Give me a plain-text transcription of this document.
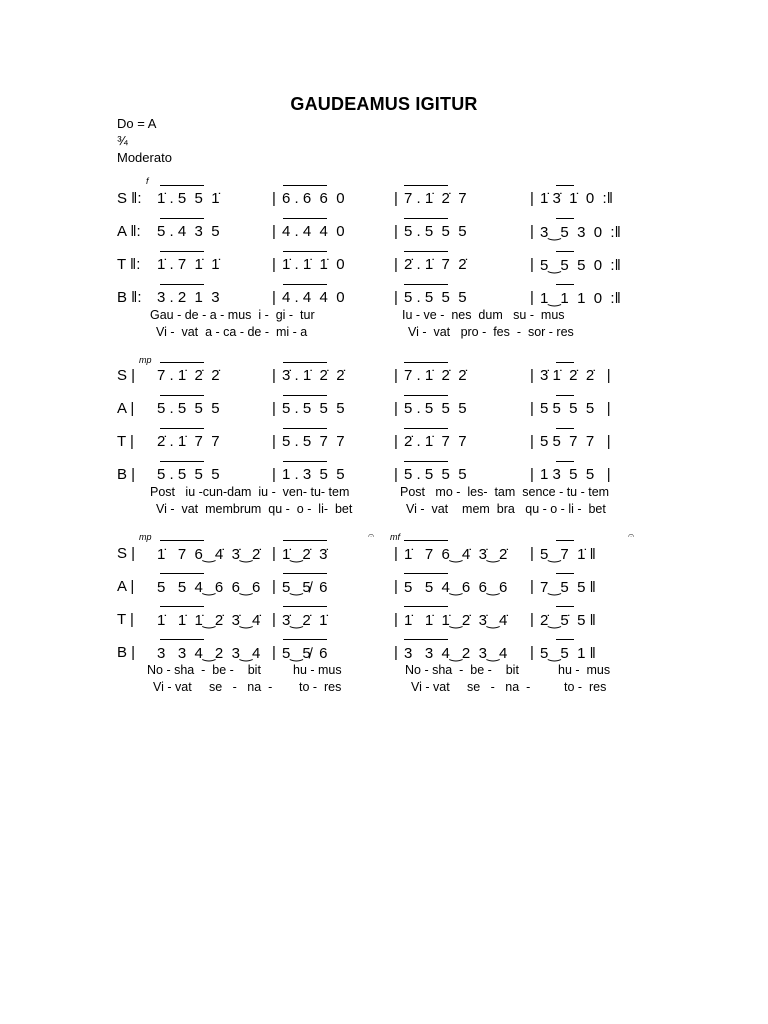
GAUDEAMUS IGITUR
Do = A
¾
Moderato
S ‖: 1̇ . 5  5  1̇	6 . 6  6  0	7 . 1̇  2̇  7	1̇ 3̇  1̇  0  :‖
|	|	|
A ‖: 5 . 4  3  5	4 . 4  4  0	5 . 5  5  5	3‿5  3  0  :‖
|	|	|
T ‖: 1̇ . 7  1̇  1̇	1̇ . 1̇  1̇  0	2̇ . 1̇  7  2̇	5‿5  5  0  :‖
|	|	|
B ‖: 3 . 2  1  3	4 . 4  4  0	5 . 5  5  5	1‿1  1  0  :‖
|	|	|
Gau - de - a - mus  i -  gi -  tur	Iu - ve -  nes  dum   su -  mus
Vi -  vat  a - ca - de -  mi - a	Vi -  vat   pro -  fes  -  sor - res
S | 7 . 1̇  2̇  2̇	3̇ . 1̇  2̇  2̇	7 . 1̇  2̇  2̇	3̇ 1̇  2̇  2̇   |
|	|	|
A | 5 . 5  5  5	5 . 5  5  5	5 . 5  5  5	5 5  5  5   |
|	|	|
T | 2̇ . 1̇  7  7	5 . 5  7  7	2̇ . 1̇  7  7	5 5  7  7   |
|	|	|
B | 5 . 5  5  5	1 . 3  5  5	5 . 5  5  5	1 3  5  5   |
|	|	|
Post   iu -cun-dam  iu -  ven- tu- tem	Post   mo -  les-  tam  sence - tu - tem
Vi -  vat  membrum  qu -  o -  li-  bet	Vi -  vat    mem  bra   qu - o - li -  bet
S | 1̇   7  6‿4̇  3̇‿2̇ 1̇‿2̇  3̇	1̇   7  6‿4̇  3̇‿2̇ 5‿7  1̇ ‖
|	|	|
A | 5   5  4‿6  6‿6 5‿5̸  6	5   5  4‿6  6‿6 7‿5  5 ‖
|	|	|
T | 1̇   1̇  1̇‿2̇  3̇‿4̇ 3̇‿2̇  1̇	1̇   1̇  1̇‿2̇  3̇‿4̇ 2̇‿5̇  5 ‖
|	|	|
B | 3   3  4‿2  3‿4 5‿5̸  6	3   3  4‿2  3‿4 5‿5  1 ‖
|	|	|
No - sha  -  be -    bit	hu - mus	No - sha  -  be -    bit	hu -  mus
Vi - vat     se   -   na  - to -  res	Vi - vat     se   -   na  -	to -  res
f
mp
mp	mf
𝄐	𝄐
